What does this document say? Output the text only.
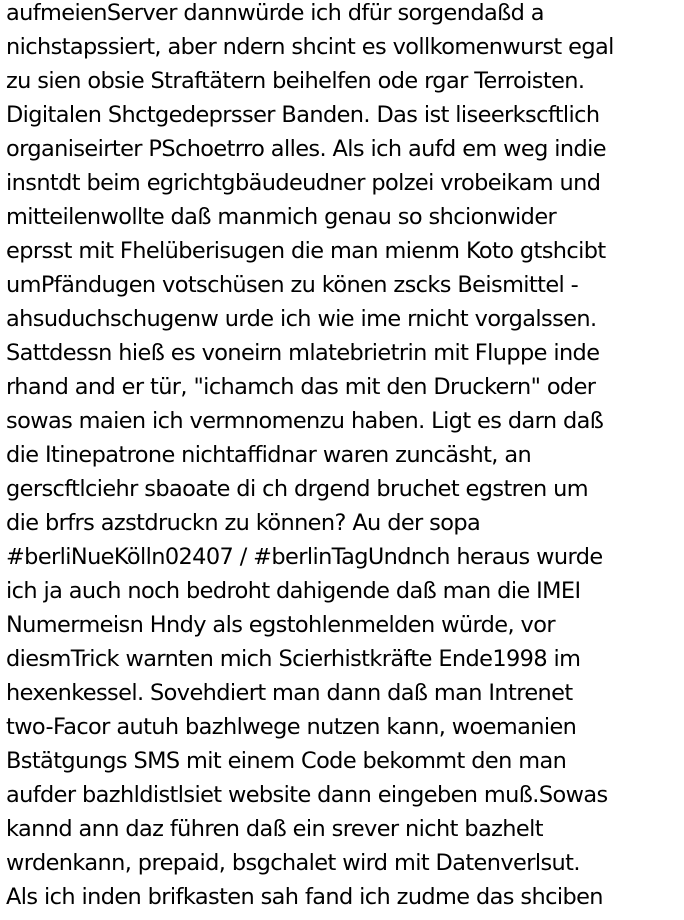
aufmeienServer dannwürde ich dfür sorgendaßd a
nichstapssiert, aber ndern shcint es vollkomenwurst egal
zu sien obsie Straftätern beihelfen ode rgar Terroisten.
Digitalen Shctgedeprsser Banden. Das ist liseerkscftlich
organiseirter PSchoetrro alles. Als ich aufd em weg indie
insntdt beim egrichtgbäudeudner polzei vrobeikam und
mitteilenwollte daß manmich genau so shcionwider
eprsst mit Fhelüberisugen die man mienm Koto gtshcibt
umPfändugen votschüsen zu könen zscks Beismittel -
ahsuduchschugenw urde ich wie ime rnicht vorgalssen.
Sattdessn hieß es voneirn mlatebrietrin mit Fluppe inde
rhand and er tür, "ichamch das mit den Druckern" oder
sowas maien ich vermnomenzu haben. Ligt es darn daß
die Itinepatrone nichtaffidnar waren zuncäsht, an
gerscftlciehr sbaoate di ch drgend bruchet egstren um
die brfrs azstdruckn zu können? Au der sopa
#berliNueKölln02407 / #berlinTagUndnch heraus wurde
ich ja auch noch bedroht dahigende daß man die IMEI
Numermeisn Hndy als egstohlenmelden würde, vor
diesmTrick warnten mich Scierhistkräfte Ende1998 im
hexenkessel. Sovehdiert man dann daß man Intrenet
two-Facor autuh bazhlwege nutzen kann, woemanien
Bstätgungs SMS mit einem Code bekommt den man
aufder bazhldistlsiet website dann eingeben muß.Sowas
kannd ann daz führen daß ein srever nicht bazhelt
wrdenkann, prepaid, bsgchalet wird mit Datenverlsut.
Als ich inden brifkasten sah fand ich zudme das shciben
